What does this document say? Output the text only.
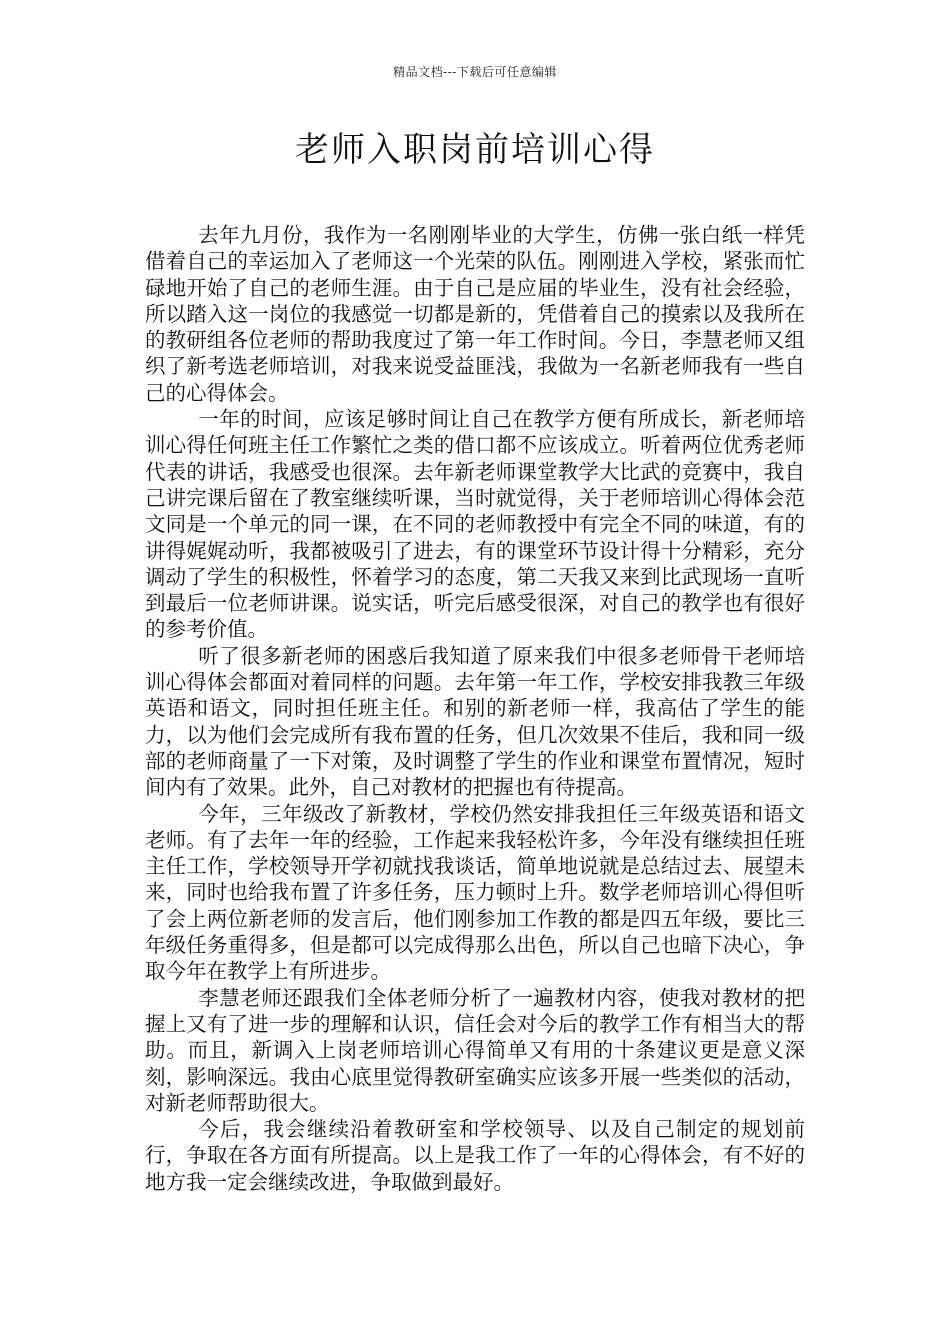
精品文档---下载后可任意编辑
老师入职岗前培训心得

去年九月份，我作为一名刚刚毕业的大学生，仿佛一张白纸一样凭借着自己的幸运加入了老师这一个光荣的队伍。刚刚进入学校，紧张而忙碌地开始了自己的老师生涯。由于自己是应届的毕业生，没有社会经验，所以踏入这一岗位的我感觉一切都是新的，凭借着自己的摸索以及我所在的教研组各位老师的帮助我度过了第一年工作时间。今日，李慧老师又组织了新考选老师培训，对我来说受益匪浅，我做为一名新老师我有一些自己的心得体会。

一年的时间，应该足够时间让自己在教学方便有所成长，新老师培训心得任何班主任工作繁忙之类的借口都不应该成立。听着两位优秀老师代表的讲话，我感受也很深。去年新老师课堂教学大比武的竞赛中，我自己讲完课后留在了教室继续听课，当时就觉得，关于老师培训心得体会范文同是一个单元的同一课，在不同的老师教授中有完全不同的味道，有的讲得娓娓动听，我都被吸引了进去，有的课堂环节设计得十分精彩，充分调动了学生的积极性，怀着学习的态度，第二天我又来到比武现场一直听到最后一位老师讲课。说实话，听完后感受很深，对自己的教学也有很好的参考价值。

听了很多新老师的困惑后我知道了原来我们中很多老师骨干老师培训心得体会都面对着同样的问题。去年第一年工作，学校安排我教三年级英语和语文，同时担任班主任。和别的新老师一样，我高估了学生的能力，以为他们会完成所有我布置的任务，但几次效果不佳后，我和同一级部的老师商量了一下对策，及时调整了学生的作业和课堂布置情况，短时间内有了效果。此外，自己对教材的把握也有待提高。

今年，三年级改了新教材，学校仍然安排我担任三年级英语和语文老师。有了去年一年的经验，工作起来我轻松许多，今年没有继续担任班主任工作，学校领导开学初就找我谈话，简单地说就是总结过去、展望未来，同时也给我布置了许多任务，压力顿时上升。数学老师培训心得但听了会上两位新老师的发言后，他们刚参加工作教的都是四五年级，要比三年级任务重得多，但是都可以完成得那么出色，所以自己也暗下决心，争取今年在教学上有所进步。

李慧老师还跟我们全体老师分析了一遍教材内容，使我对教材的把握上又有了进一步的理解和认识，信任会对今后的教学工作有相当大的帮助。而且，新调入上岗老师培训心得简单又有用的十条建议更是意义深刻，影响深远。我由心底里觉得教研室确实应该多开展一些类似的活动，对新老师帮助很大。

今后，我会继续沿着教研室和学校领导、以及自己制定的规划前行，争取在各方面有所提高。以上是我工作了一年的心得体会，有不好的地方我一定会继续改进，争取做到最好。
